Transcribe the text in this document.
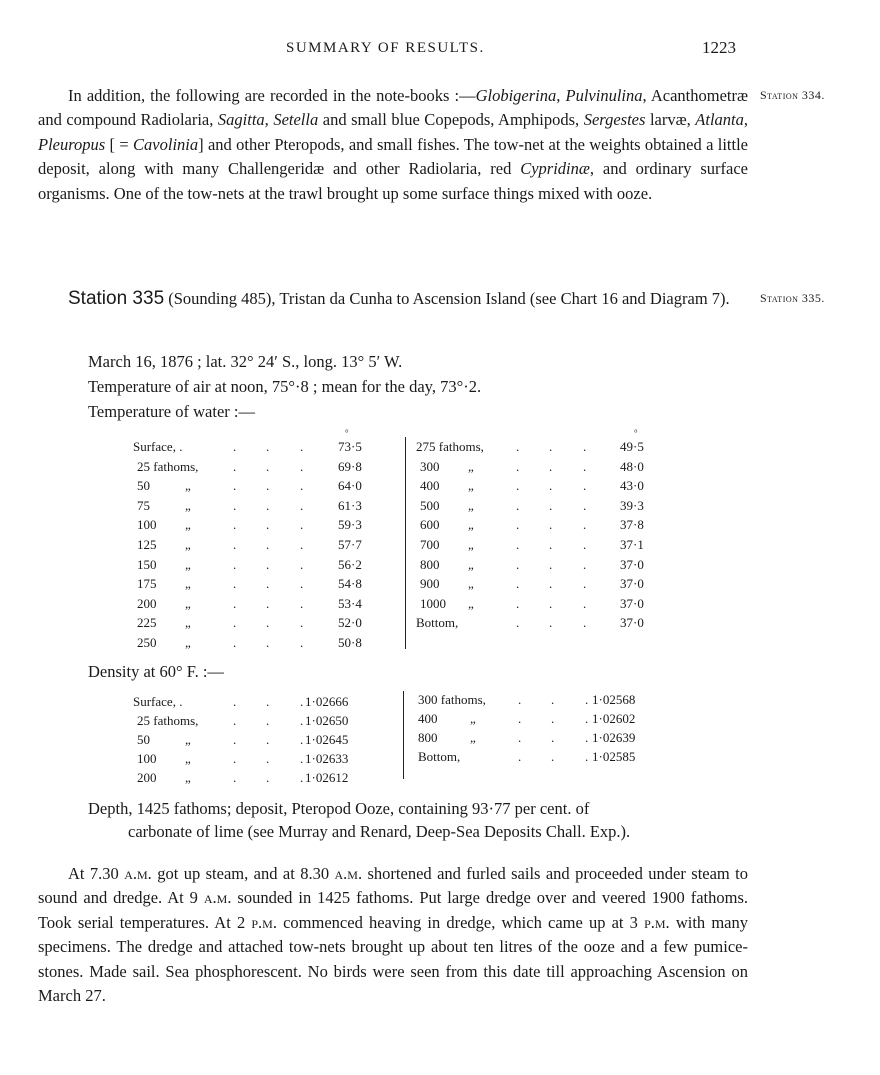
SUMMARY OF RESULTS.	1223
Station 334.

In addition, the following are recorded in the note-books :—Globigerina, Pulvinulina, Acanthometræ and compound Radiolaria, Sagitta, Setella and small blue Copepods, Amphipods, Sergestes larvæ, Atlanta, Pleuropus [ = Cavolinia] and other Pteropods, and small fishes. The tow-net at the weights obtained a little deposit, along with many Challengeridæ and other Radiolaria, red Cypridinæ, and ordinary surface organisms. One of the tow-nets at the trawl brought up some surface things mixed with ooze.

Station 335.

Station 335 (Sounding 485), Tristan da Cunha to Ascension Island (see Chart 16 and Diagram 7).

March 16, 1876 ; lat. 32° 24′ S., long. 13° 5′ W.
Temperature of air at noon, 75°·8 ; mean for the day, 73°·2.
Temperature of water :—
°	°
Surface, .	. . .	73·5
25 fathoms,	. . .	69·8
50	„	. . .	64·0
75	„	. . .	61·3
100 „	. . .	59·3
125 „	. . .	57·7
150 „	. . .	56·2
175 „	. . .	54·8
200 „	. . .	53·4
225 „	. . .	52·0
250 „	. . .	50·8
275 fathoms, . . .	49·5
300 „	. . .	48·0
400 „	. . .	43·0
500 „	. . .	39·3
600 „	. . .	37·8
700 „	. . .	37·1
800 „	. . .	37·0
900 „	. . .	37·0
1000 „	. . .	37·0
Bottom,	. . .	37·0
Density at 60° F. :—
Surface, .	. . . 1·02666
25 fathoms,	. . . 1·02650
50	„	. . . 1·02645
100 „	. . . 1·02633
200 „	. . . 1·02612
300 fathoms, . . . 1·02568
400	„	. . . 1·02602
800	„	. . . 1·02639
Bottom,	. . . 1·02585
Depth, 1425 fathoms; deposit, Pteropod Ooze, containing 93·77 per cent. of
carbonate of lime (see Murray and Renard, Deep-Sea Deposits Chall. Exp.).

At 7.30 a.m. got up steam, and at 8.30 a.m. shortened and furled sails and proceeded under steam to sound and dredge. At 9 a.m. sounded in 1425 fathoms. Put large dredge over and veered 1900 fathoms. Took serial temperatures. At 2 p.m. commenced heaving in dredge, which came up at 3 p.m. with many specimens. The dredge and attached tow-nets brought up about ten litres of the ooze and a few pumice-stones. Made sail. Sea phosphorescent. No birds were seen from this date till approaching Ascension on March 27.
